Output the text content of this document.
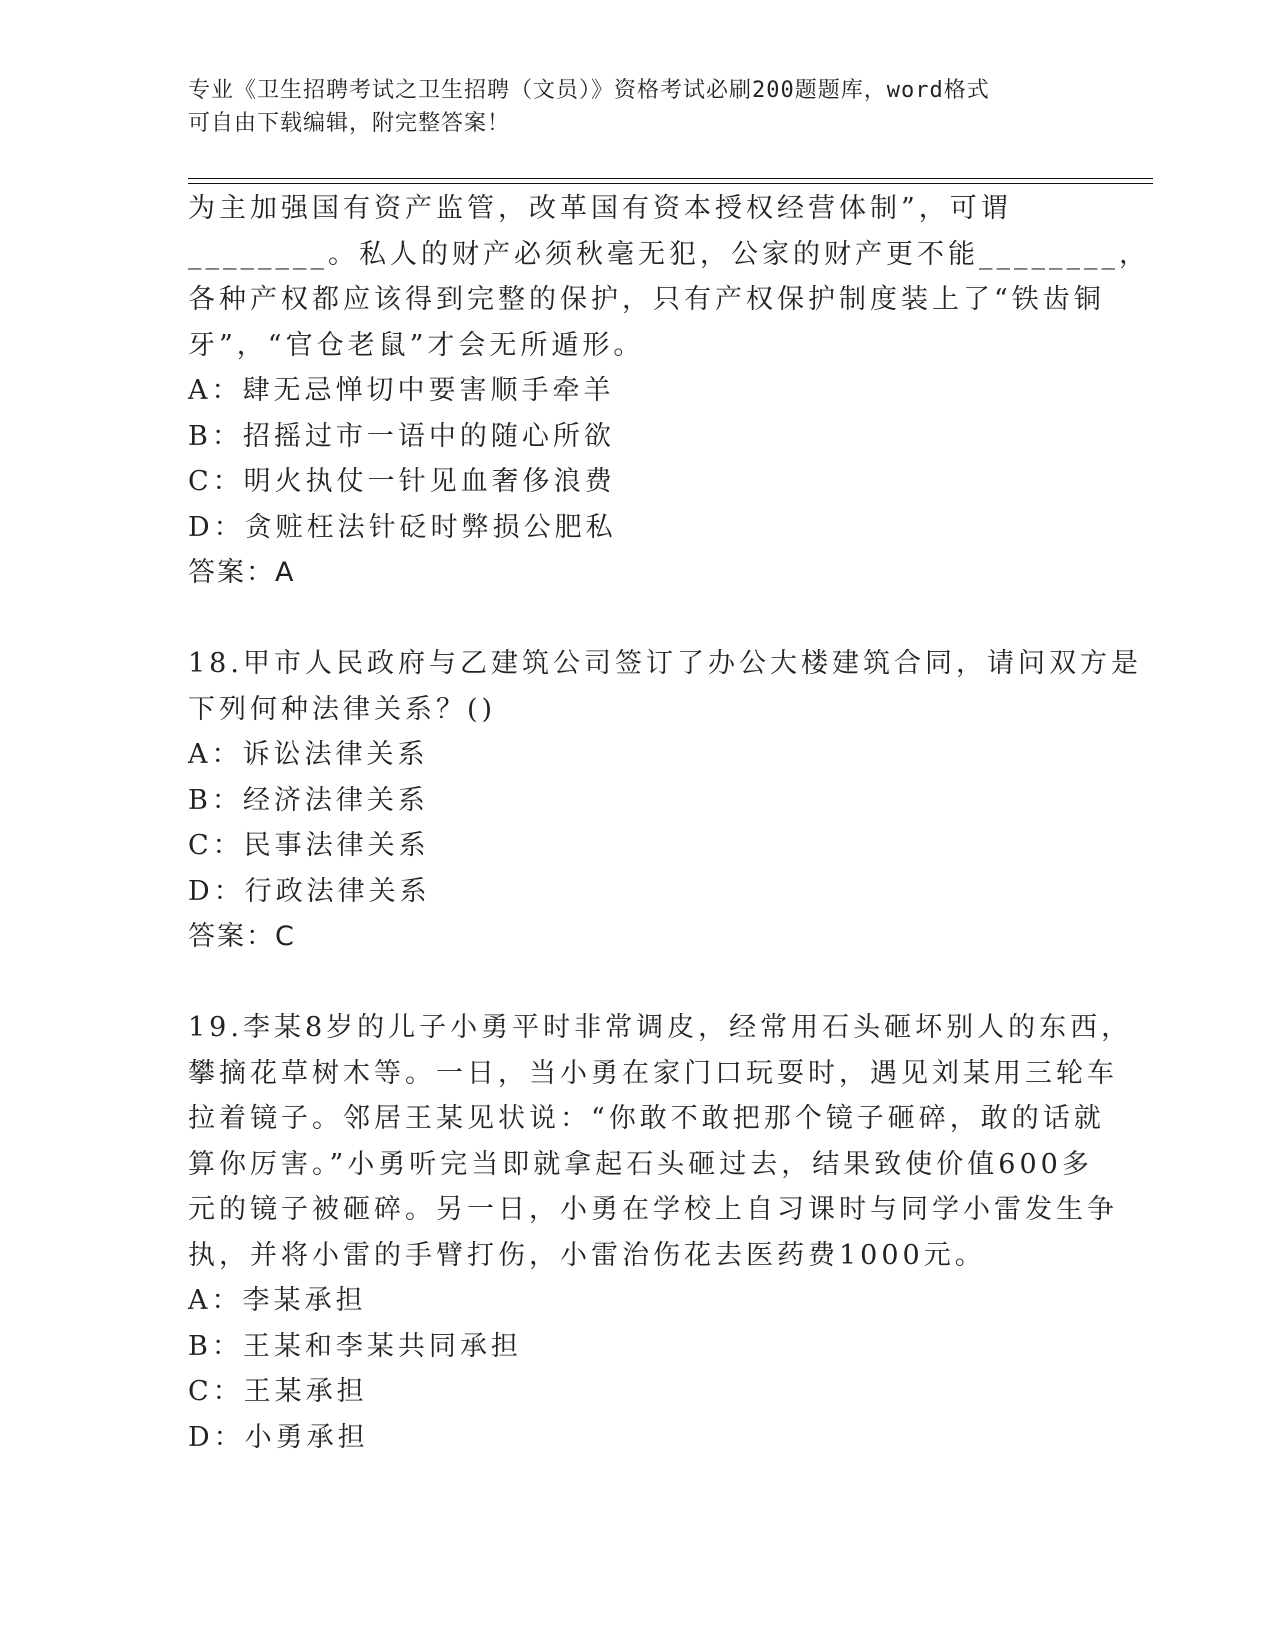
专业《卫生招聘考试之卫生招聘（文员）》资格考试必刷200题题库，word格式

可自由下载编辑，附完整答案！

为主加强国有资产监管，改革国有资本授权经营体制”，可谓
________。私人的财产必须秋毫无犯，公家的财产更不能________，
各种产权都应该得到完整的保护，只有产权保护制度装上了“铁齿铜
牙”，“官仓老鼠”才会无所遁形。
A：肆无忌惮切中要害顺手牵羊
B：招摇过市一语中的随心所欲
C：明火执仗一针见血奢侈浪费
D：贪赃枉法针砭时弊损公肥私
答案：A
18.甲市人民政府与乙建筑公司签订了办公大楼建筑合同，请问双方是
下列何种法律关系？()
A：诉讼法律关系
B：经济法律关系
C：民事法律关系
D：行政法律关系
答案：C
19.李某8岁的儿子小勇平时非常调皮，经常用石头砸坏别人的东西，
攀摘花草树木等。一日，当小勇在家门口玩耍时，遇见刘某用三轮车
拉着镜子。邻居王某见状说：“你敢不敢把那个镜子砸碎，敢的话就
算你厉害。”小勇听完当即就拿起石头砸过去，结果致使价值600多
元的镜子被砸碎。另一日，小勇在学校上自习课时与同学小雷发生争
执，并将小雷的手臂打伤，小雷治伤花去医药费1000元。
A：李某承担
B：王某和李某共同承担
C：王某承担
D：小勇承担
